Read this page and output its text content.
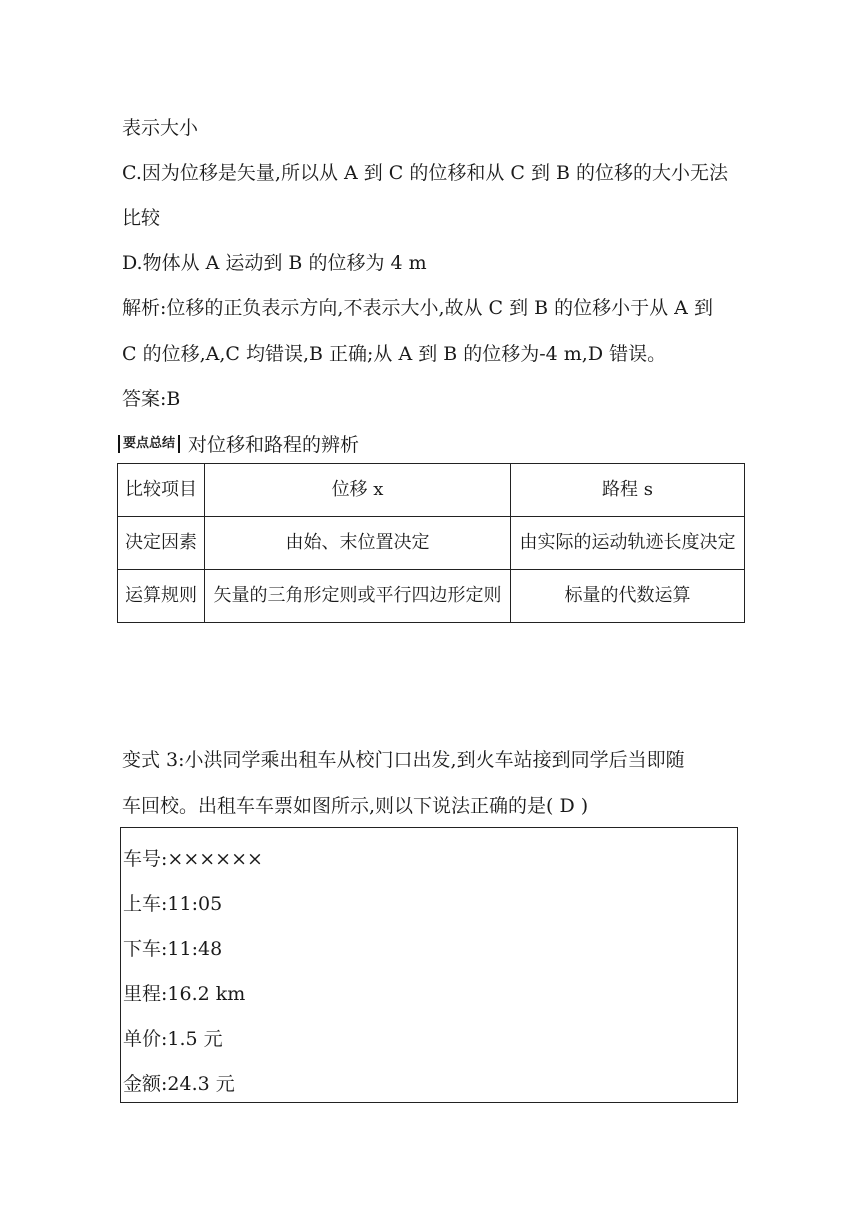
表示大小
C.因为位移是矢量,所以从 A 到 C 的位移和从 C 到 B 的位移的大小无法
比较
D.物体从 A 运动到 B 的位移为 4 m
解析:位移的正负表示方向,不表示大小,故从 C 到 B 的位移小于从 A 到
C 的位移,A,C 均错误,B 正确;从 A 到 B 的位移为-4 m,D 错误。
答案:B
要点总结 对位移和路程的辨析
比较项目	位移 x	路程 s
决定因素	由始、末位置决定	由实际的运动轨迹长度决定
运算规则	矢量的三角形定则或平行四边形定则	标量的代数运算
变式 3:小洪同学乘出租车从校门口出发,到火车站接到同学后当即随
车回校。出租车车票如图所示,则以下说法正确的是( D )
车号:××××××
上车:11:05
下车:11:48
里程:16.2 km
单价:1.5 元
金额:24.3 元
